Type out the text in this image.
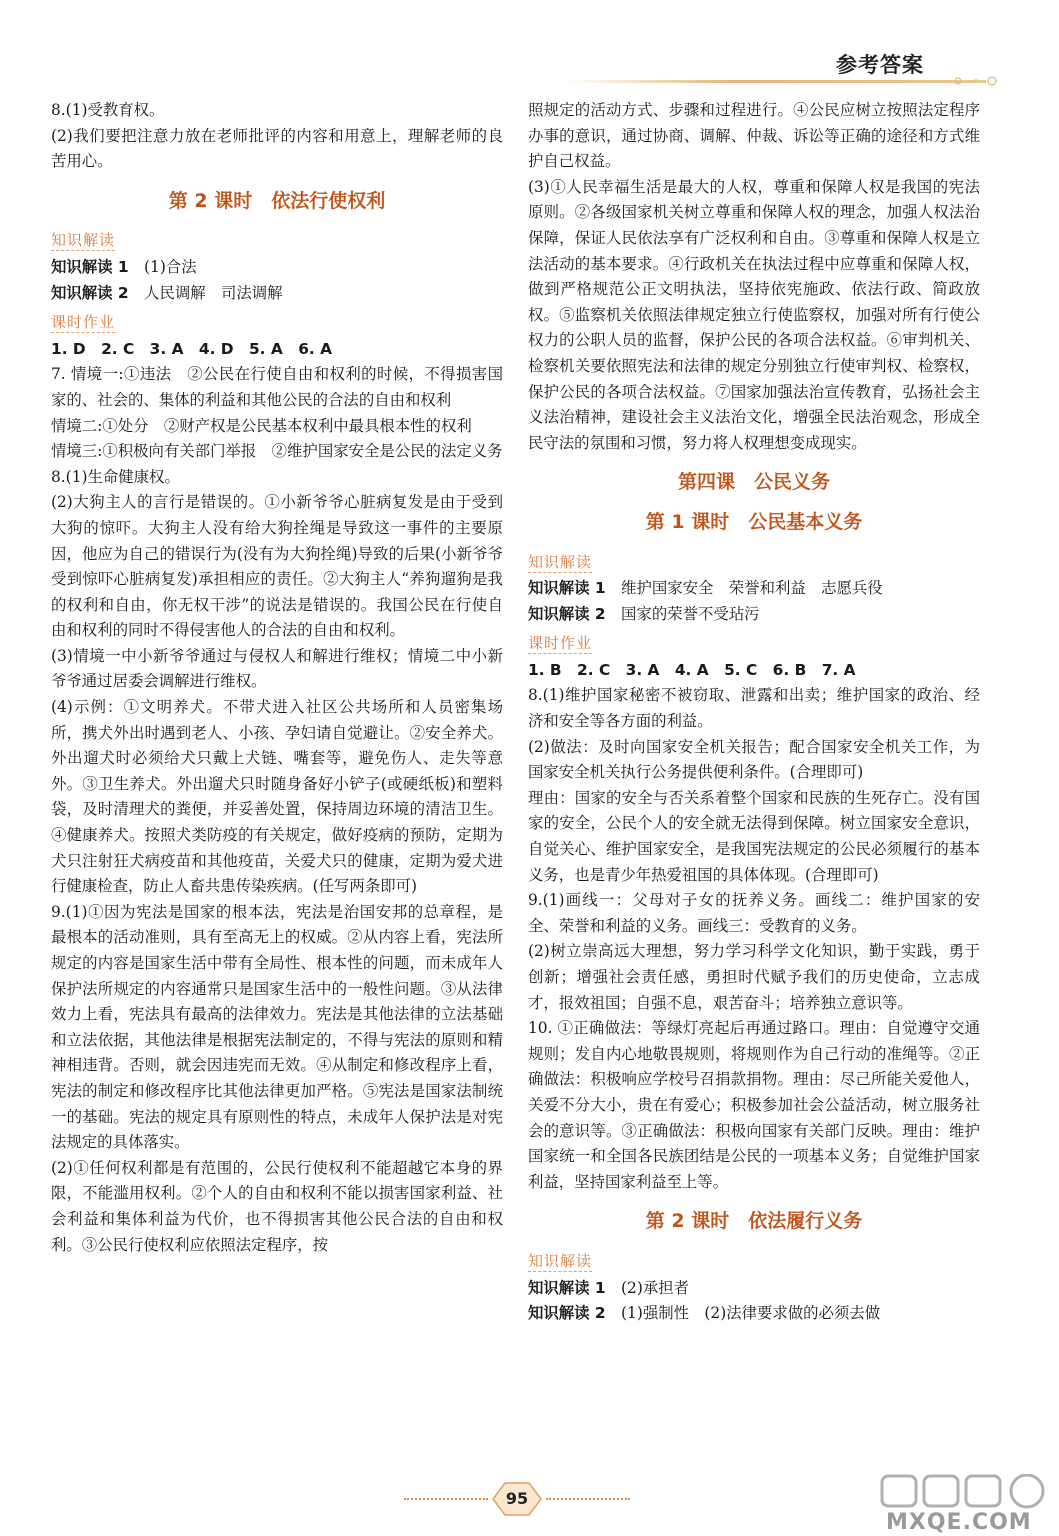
参考答案

8.(1)受教育权。

(2)我们要把注意力放在老师批评的内容和用意上，理解老师的良苦用心。

第 2 课时　依法行使权利

知识解读

知识解读 1　 (1)合法

知识解读 2　 人民调解　司法调解

课时作业

1. D　2. C　3. A　4. D　5. A　6. A

7. 情境一:①违法　②公民在行使自由和权利的时候，不得损害国家的、社会的、集体的利益和其他公民的合法的自由和权利

情境二:①处分　②财产权是公民基本权利中最具根本性的权利

情境三:①积极向有关部门举报　②维护国家安全是公民的法定义务

8.(1)生命健康权。

(2)大狗主人的言行是错误的。①小新爷爷心脏病复发是由于受到大狗的惊吓。大狗主人没有给大狗拴绳是导致这一事件的主要原因，他应为自己的错误行为(没有为大狗拴绳)导致的后果(小新爷爷受到惊吓心脏病复发)承担相应的责任。②大狗主人“养狗遛狗是我的权利和自由，你无权干涉”的说法是错误的。我国公民在行使自由和权利的同时不得侵害他人的合法的自由和权利。

(3)情境一中小新爷爷通过与侵权人和解进行维权；情境二中小新爷爷通过居委会调解进行维权。

(4)示例：①文明养犬。不带犬进入社区公共场所和人员密集场所，携犬外出时遇到老人、小孩、孕妇请自觉避让。②安全养犬。外出遛犬时必须给犬只戴上犬链、嘴套等，避免伤人、走失等意外。③卫生养犬。外出遛犬只时随身备好小铲子(或硬纸板)和塑料袋，及时清理犬的粪便，并妥善处置，保持周边环境的清洁卫生。④健康养犬。按照犬类防疫的有关规定，做好疫病的预防，定期为犬只注射狂犬病疫苗和其他疫苗，关爱犬只的健康，定期为爱犬进行健康检查，防止人畜共患传染疾病。(任写两条即可)

9.(1)①因为宪法是国家的根本法，宪法是治国安邦的总章程，是最根本的活动准则，具有至高无上的权威。②从内容上看，宪法所规定的内容是国家生活中带有全局性、根本性的问题，而未成年人保护法所规定的内容通常只是国家生活中的一般性问题。③从法律效力上看，宪法具有最高的法律效力。宪法是其他法律的立法基础和立法依据，其他法律是根据宪法制定的，不得与宪法的原则和精神相违背。否则，就会因违宪而无效。④从制定和修改程序上看，宪法的制定和修改程序比其他法律更加严格。⑤宪法是国家法制统一的基础。宪法的规定具有原则性的特点，未成年人保护法是对宪法规定的具体落实。

(2)①任何权利都是有范围的，公民行使权利不能超越它本身的界限，不能滥用权利。②个人的自由和权利不能以损害国家利益、社会利益和集体利益为代价，也不得损害其他公民合法的自由和权利。③公民行使权利应依照法定程序，按

照规定的活动方式、步骤和过程进行。④公民应树立按照法定程序办事的意识，通过协商、调解、仲裁、诉讼等正确的途径和方式维护自己权益。

(3)①人民幸福生活是最大的人权，尊重和保障人权是我国的宪法原则。②各级国家机关树立尊重和保障人权的理念，加强人权法治保障，保证人民依法享有广泛权利和自由。③尊重和保障人权是立法活动的基本要求。④行政机关在执法过程中应尊重和保障人权，做到严格规范公正文明执法，坚持依宪施政、依法行政、简政放权。⑤监察机关依照法律规定独立行使监察权，加强对所有行使公权力的公职人员的监督，保护公民的各项合法权益。⑥审判机关、检察机关要依照宪法和法律的规定分别独立行使审判权、检察权，保护公民的各项合法权益。⑦国家加强法治宣传教育，弘扬社会主义法治精神，建设社会主义法治文化，增强全民法治观念，形成全民守法的氛围和习惯，努力将人权理想变成现实。

第四课　公民义务

第 1 课时　公民基本义务

知识解读

知识解读 1　 维护国家安全　荣誉和利益　志愿兵役

知识解读 2　 国家的荣誉不受玷污

课时作业

1. B　2. C　3. A　4. A　5. C　6. B　7. A

8.(1)维护国家秘密不被窃取、泄露和出卖；维护国家的政治、经济和安全等各方面的利益。

(2)做法：及时向国家安全机关报告；配合国家安全机关工作，为国家安全机关执行公务提供便利条件。(合理即可)

理由：国家的安全与否关系着整个国家和民族的生死存亡。没有国家的安全，公民个人的安全就无法得到保障。树立国家安全意识，自觉关心、维护国家安全，是我国宪法规定的公民必须履行的基本义务，也是青少年热爱祖国的具体体现。(合理即可)

9.(1)画线一：父母对子女的抚养义务。画线二：维护国家的安全、荣誉和利益的义务。画线三：受教育的义务。

(2)树立崇高远大理想，努力学习科学文化知识，勤于实践，勇于创新；增强社会责任感，勇担时代赋予我们的历史使命，立志成才，报效祖国；自强不息，艰苦奋斗；培养独立意识等。

10. ①正确做法：等绿灯亮起后再通过路口。理由：自觉遵守交通规则；发自内心地敬畏规则，将规则作为自己行动的准绳等。②正确做法：积极响应学校号召捐款捐物。理由：尽己所能关爱他人，关爱不分大小，贵在有爱心；积极参加社会公益活动，树立服务社会的意识等。③正确做法：积极向国家有关部门反映。理由：维护国家统一和全国各民族团结是公民的一项基本义务；自觉维护国家利益，坚持国家利益至上等。

第 2 课时　依法履行义务

知识解读

知识解读 1　 (2)承担者

知识解读 2　 (1)强制性　(2)法律要求做的必须去做

95
MXQE.COM
